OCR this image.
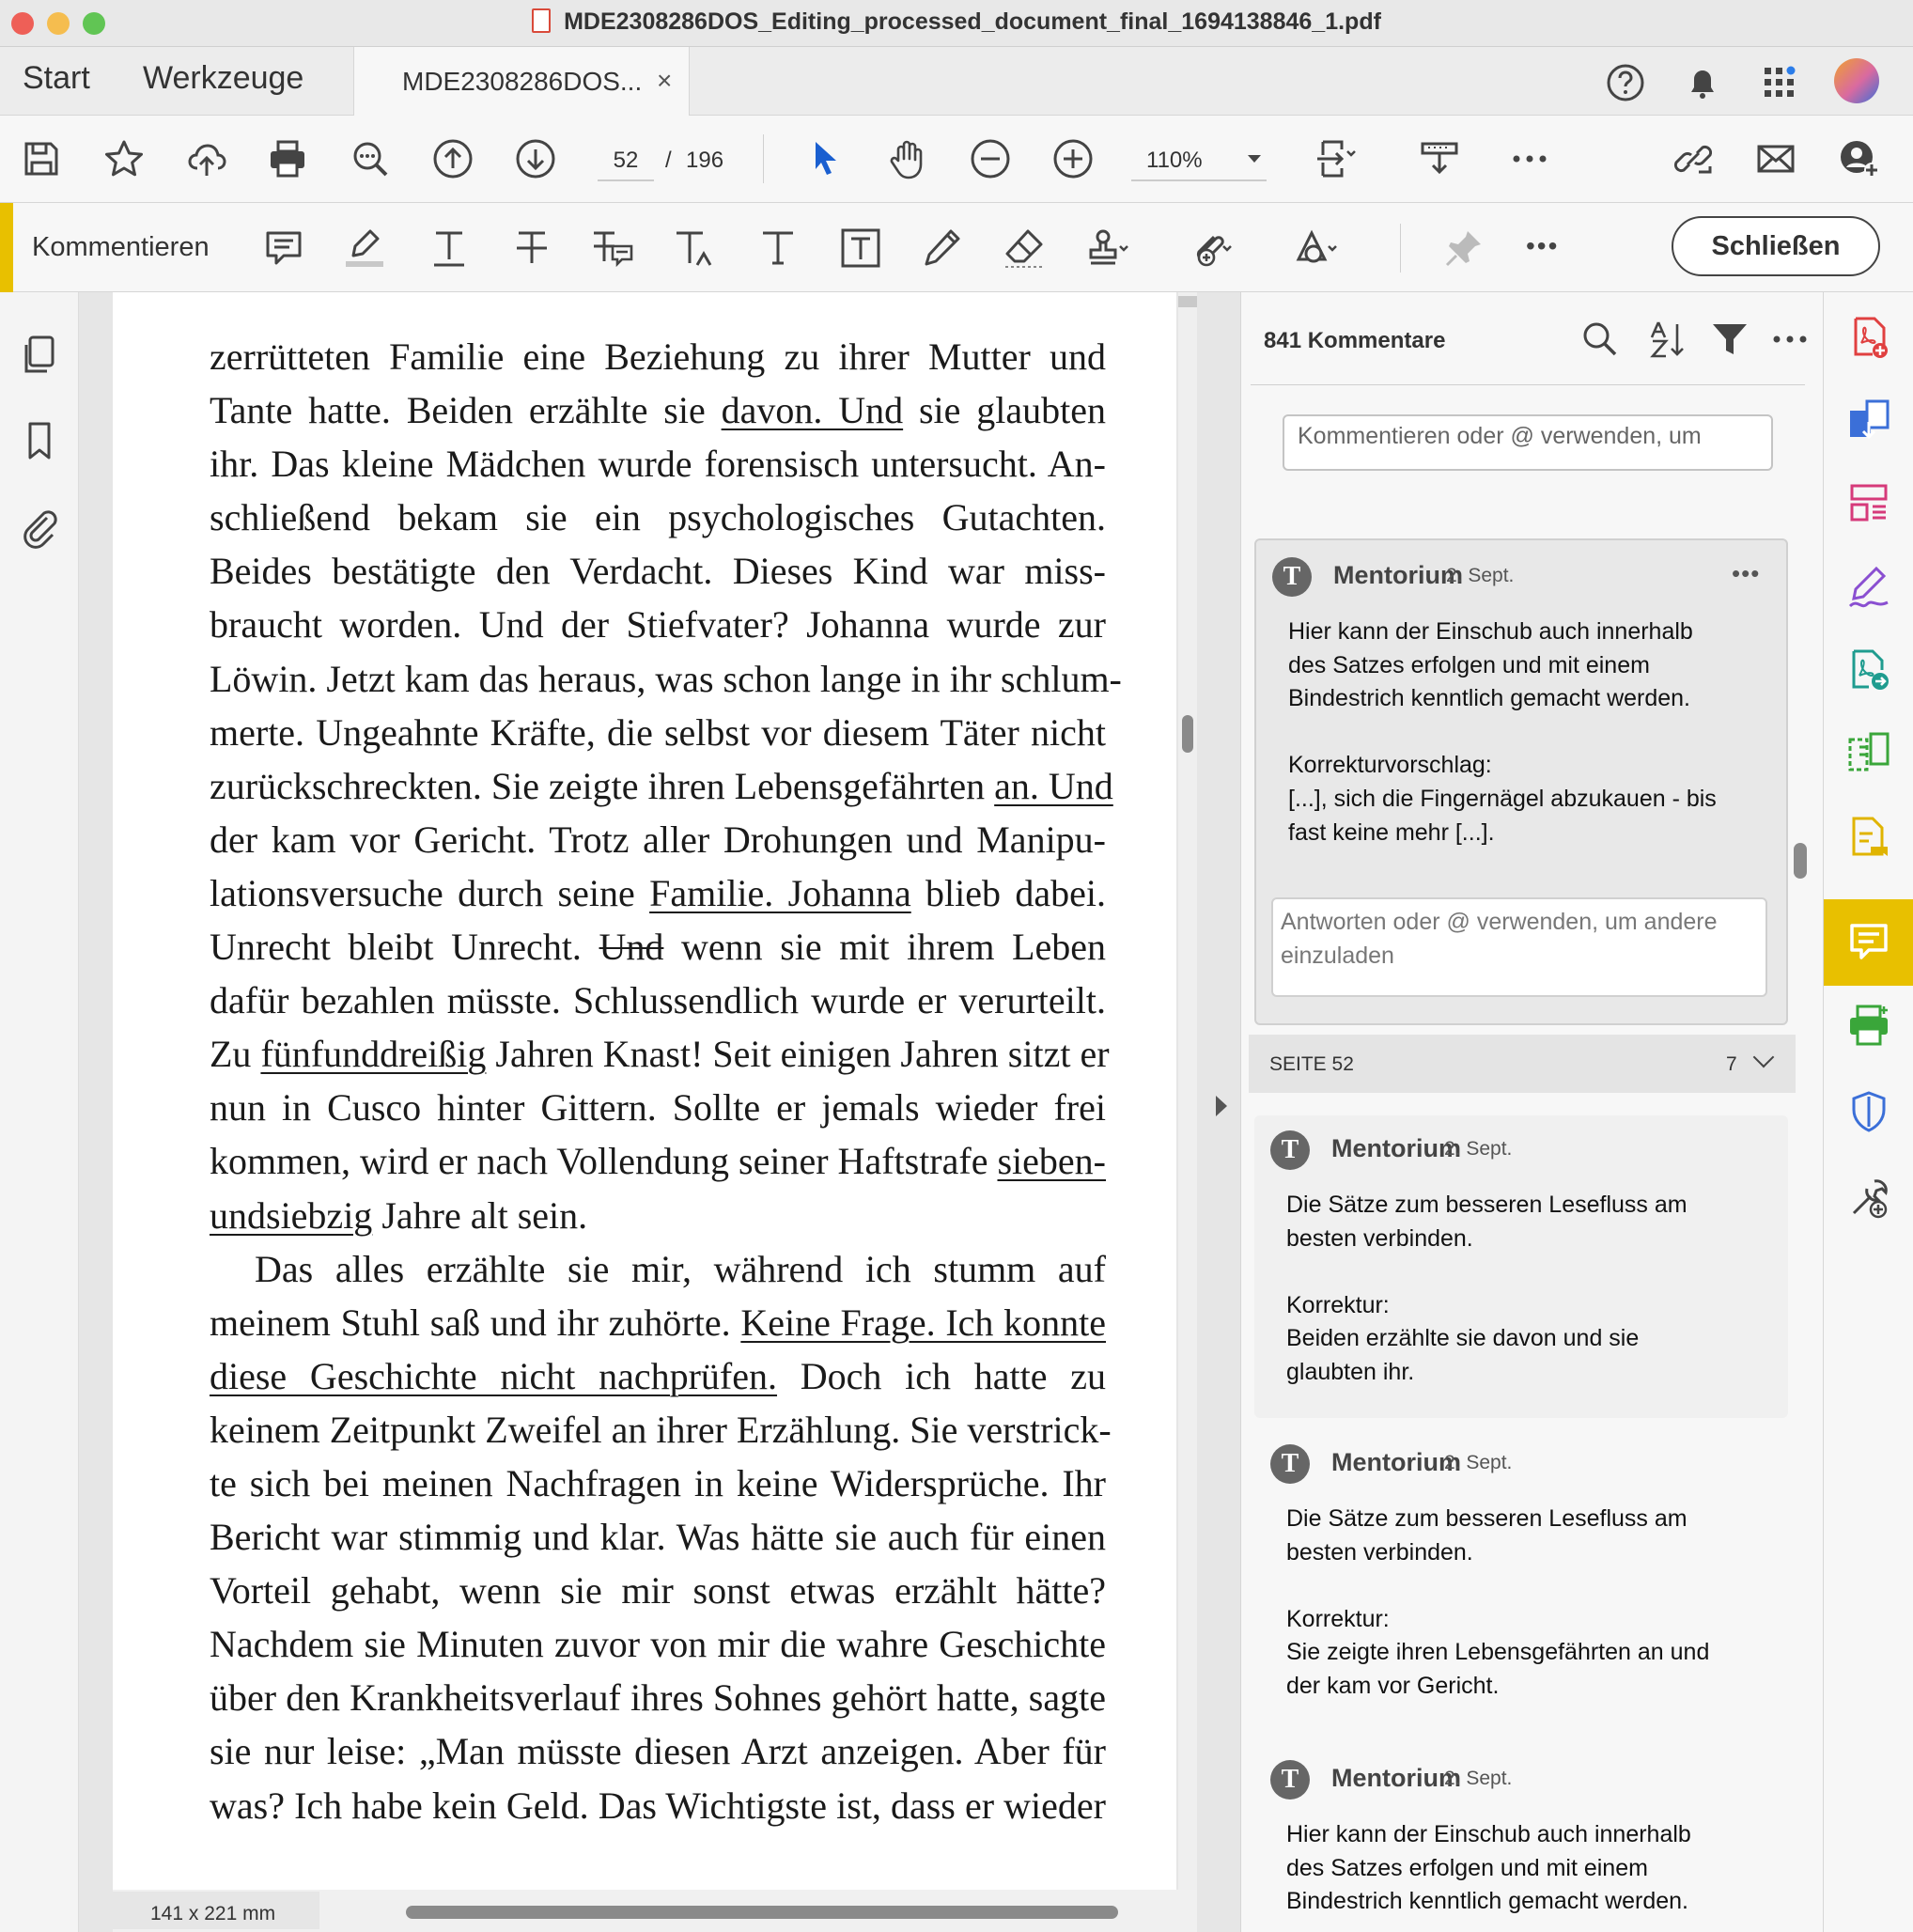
MDE2308286DOS_Editing_processed_document_final_1694138846_1.pdf
Start Werkzeuge	MDE2308286DOS... ×
52	/ 196	110%
Kommentieren	•••	Schließen
zerrütteten Familie eine Beziehung zu ihrer Mutter und
Tante hatte. Beiden erzählte sie davon. Und sie glaubten
ihr. Das kleine Mädchen wurde forensisch untersucht. An-
schließend bekam sie ein psychologisches Gutachten.
Beides bestätigte den Verdacht. Dieses Kind war miss-
braucht worden. Und der Stiefvater? Johanna wurde zur
Löwin. Jetzt kam das heraus, was schon lange in ihr schlum-
merte. Ungeahnte Kräfte, die selbst vor diesem Täter nicht
zurückschreckten. Sie zeigte ihren Lebensgefährten an. Und
der kam vor Gericht. Trotz aller Drohungen und Manipu-
lationsversuche durch seine Familie. Johanna blieb dabei.
Unrecht bleibt Unrecht. Und wenn sie mit ihrem Leben
dafür bezahlen müsste. Schlussendlich wurde er verurteilt.
Zu fünfunddreißig Jahren Knast! Seit einigen Jahren sitzt er
nun in Cusco hinter Gittern. Sollte er jemals wieder frei
kommen, wird er nach Vollendung seiner Haftstrafe sieben-
undsiebzig Jahre alt sein.
Das alles erzählte sie mir, während ich stumm auf
meinem Stuhl saß und ihr zuhörte. Keine Frage. Ich konnte
diese Geschichte nicht nachprüfen. Doch ich hatte zu
keinem Zeitpunkt Zweifel an ihrer Erzählung. Sie verstrick-
te sich bei meinen Nachfragen in keine Widersprüche. Ihr
Bericht war stimmig und klar. Was hätte sie auch für einen
Vorteil gehabt, wenn sie mir sonst etwas erzählt hätte?
Nachdem sie Minuten zuvor von mir die wahre Geschichte
über den Krankheitsverlauf ihres Sohnes gehört hatte, sagte
sie nur leise: „Man müsste diesen Arzt anzeigen. Aber für
was? Ich habe kein Geld. Das Wichtigste ist, dass er wieder
141 x 221 mm
841 Kommentare
Kommentieren oder @ verwenden, um
T	Mentorium
2. Sept.	•••
Hier kann der Einschub auch innerhalb
des Satzes erfolgen und mit einem
Bindestrich kenntlich gemacht werden.
Korrekturvorschlag:
[...], sich die Fingernägel abzukauen - bis
fast keine mehr [...].
Antworten oder @ verwenden, um andere einzuladen
SEITE 52	7
T	Mentorium
2. Sept.
Die Sätze zum besseren Lesefluss am
besten verbinden.
Korrektur:
Beiden erzählte sie davon und sie
glaubten ihr.
T	Mentorium
2. Sept.
Die Sätze zum besseren Lesefluss am
besten verbinden.
Korrektur:
Sie zeigte ihren Lebensgefährten an und
der kam vor Gericht.
T	Mentorium
2. Sept.
Hier kann der Einschub auch innerhalb
des Satzes erfolgen und mit einem
Bindestrich kenntlich gemacht werden.
